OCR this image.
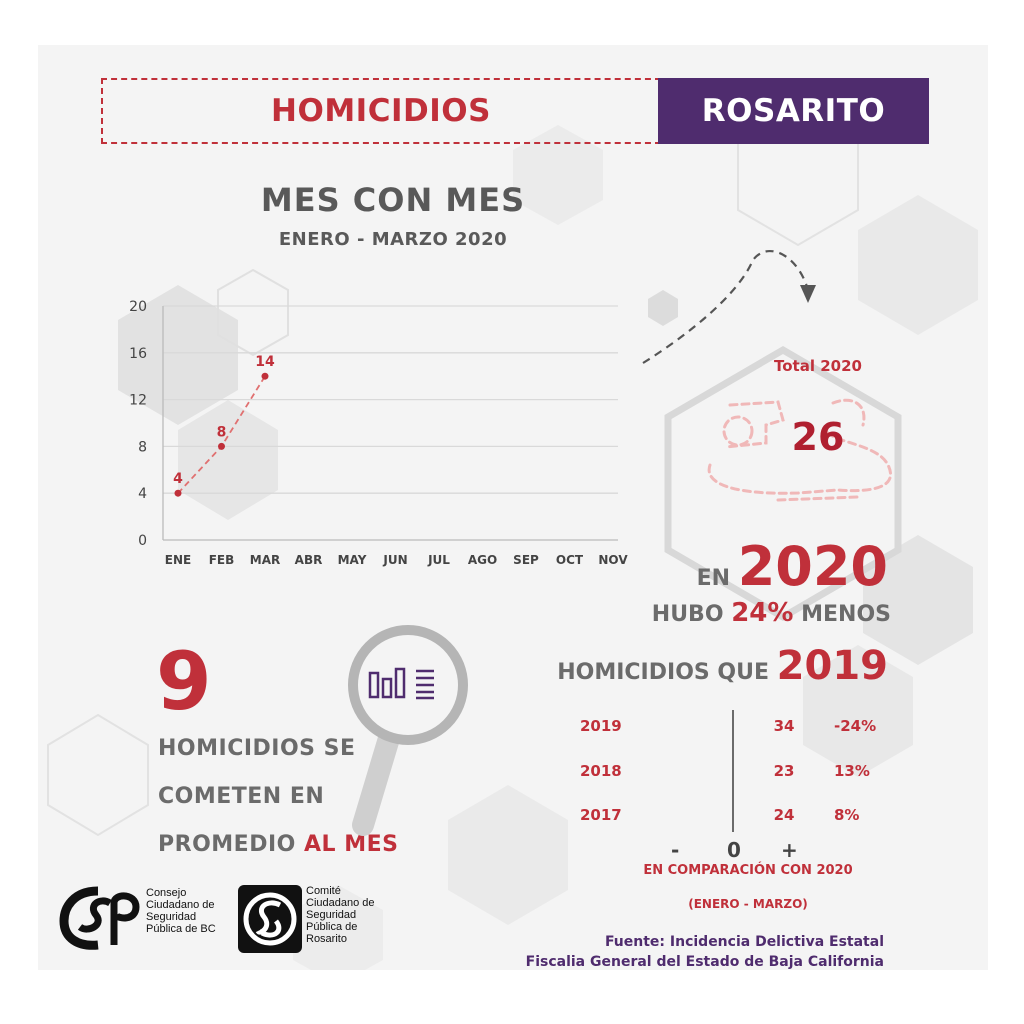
HOMICIDIOS	ROSARITO
MES CON MES
ENERO - MARZO 2020
0
4
8
12
16
20
ENE FEB MAR ABR MAY JUN JUL AGO SEP OCT NOV
4
8
14	Total 2020
26
EN 2020
HUBO 24% MENOS
HOMICIDIOS QUE 2019
2019	34	-24%
2018	23	13%
2017	24	8%
- 0 +
EN COMPARACIÓN CON 2020
(ENERO - MARZO)
9
HOMICIDIOS SE
COMETEN EN
PROMEDIO AL MES
Consejo
Ciudadano de
Seguridad
Pública de BC
Comité
Ciudadano de
Seguridad
Pública de
Rosarito	Fuente: Incidencia Delictiva Estatal
Fiscalia General del Estado de Baja California
